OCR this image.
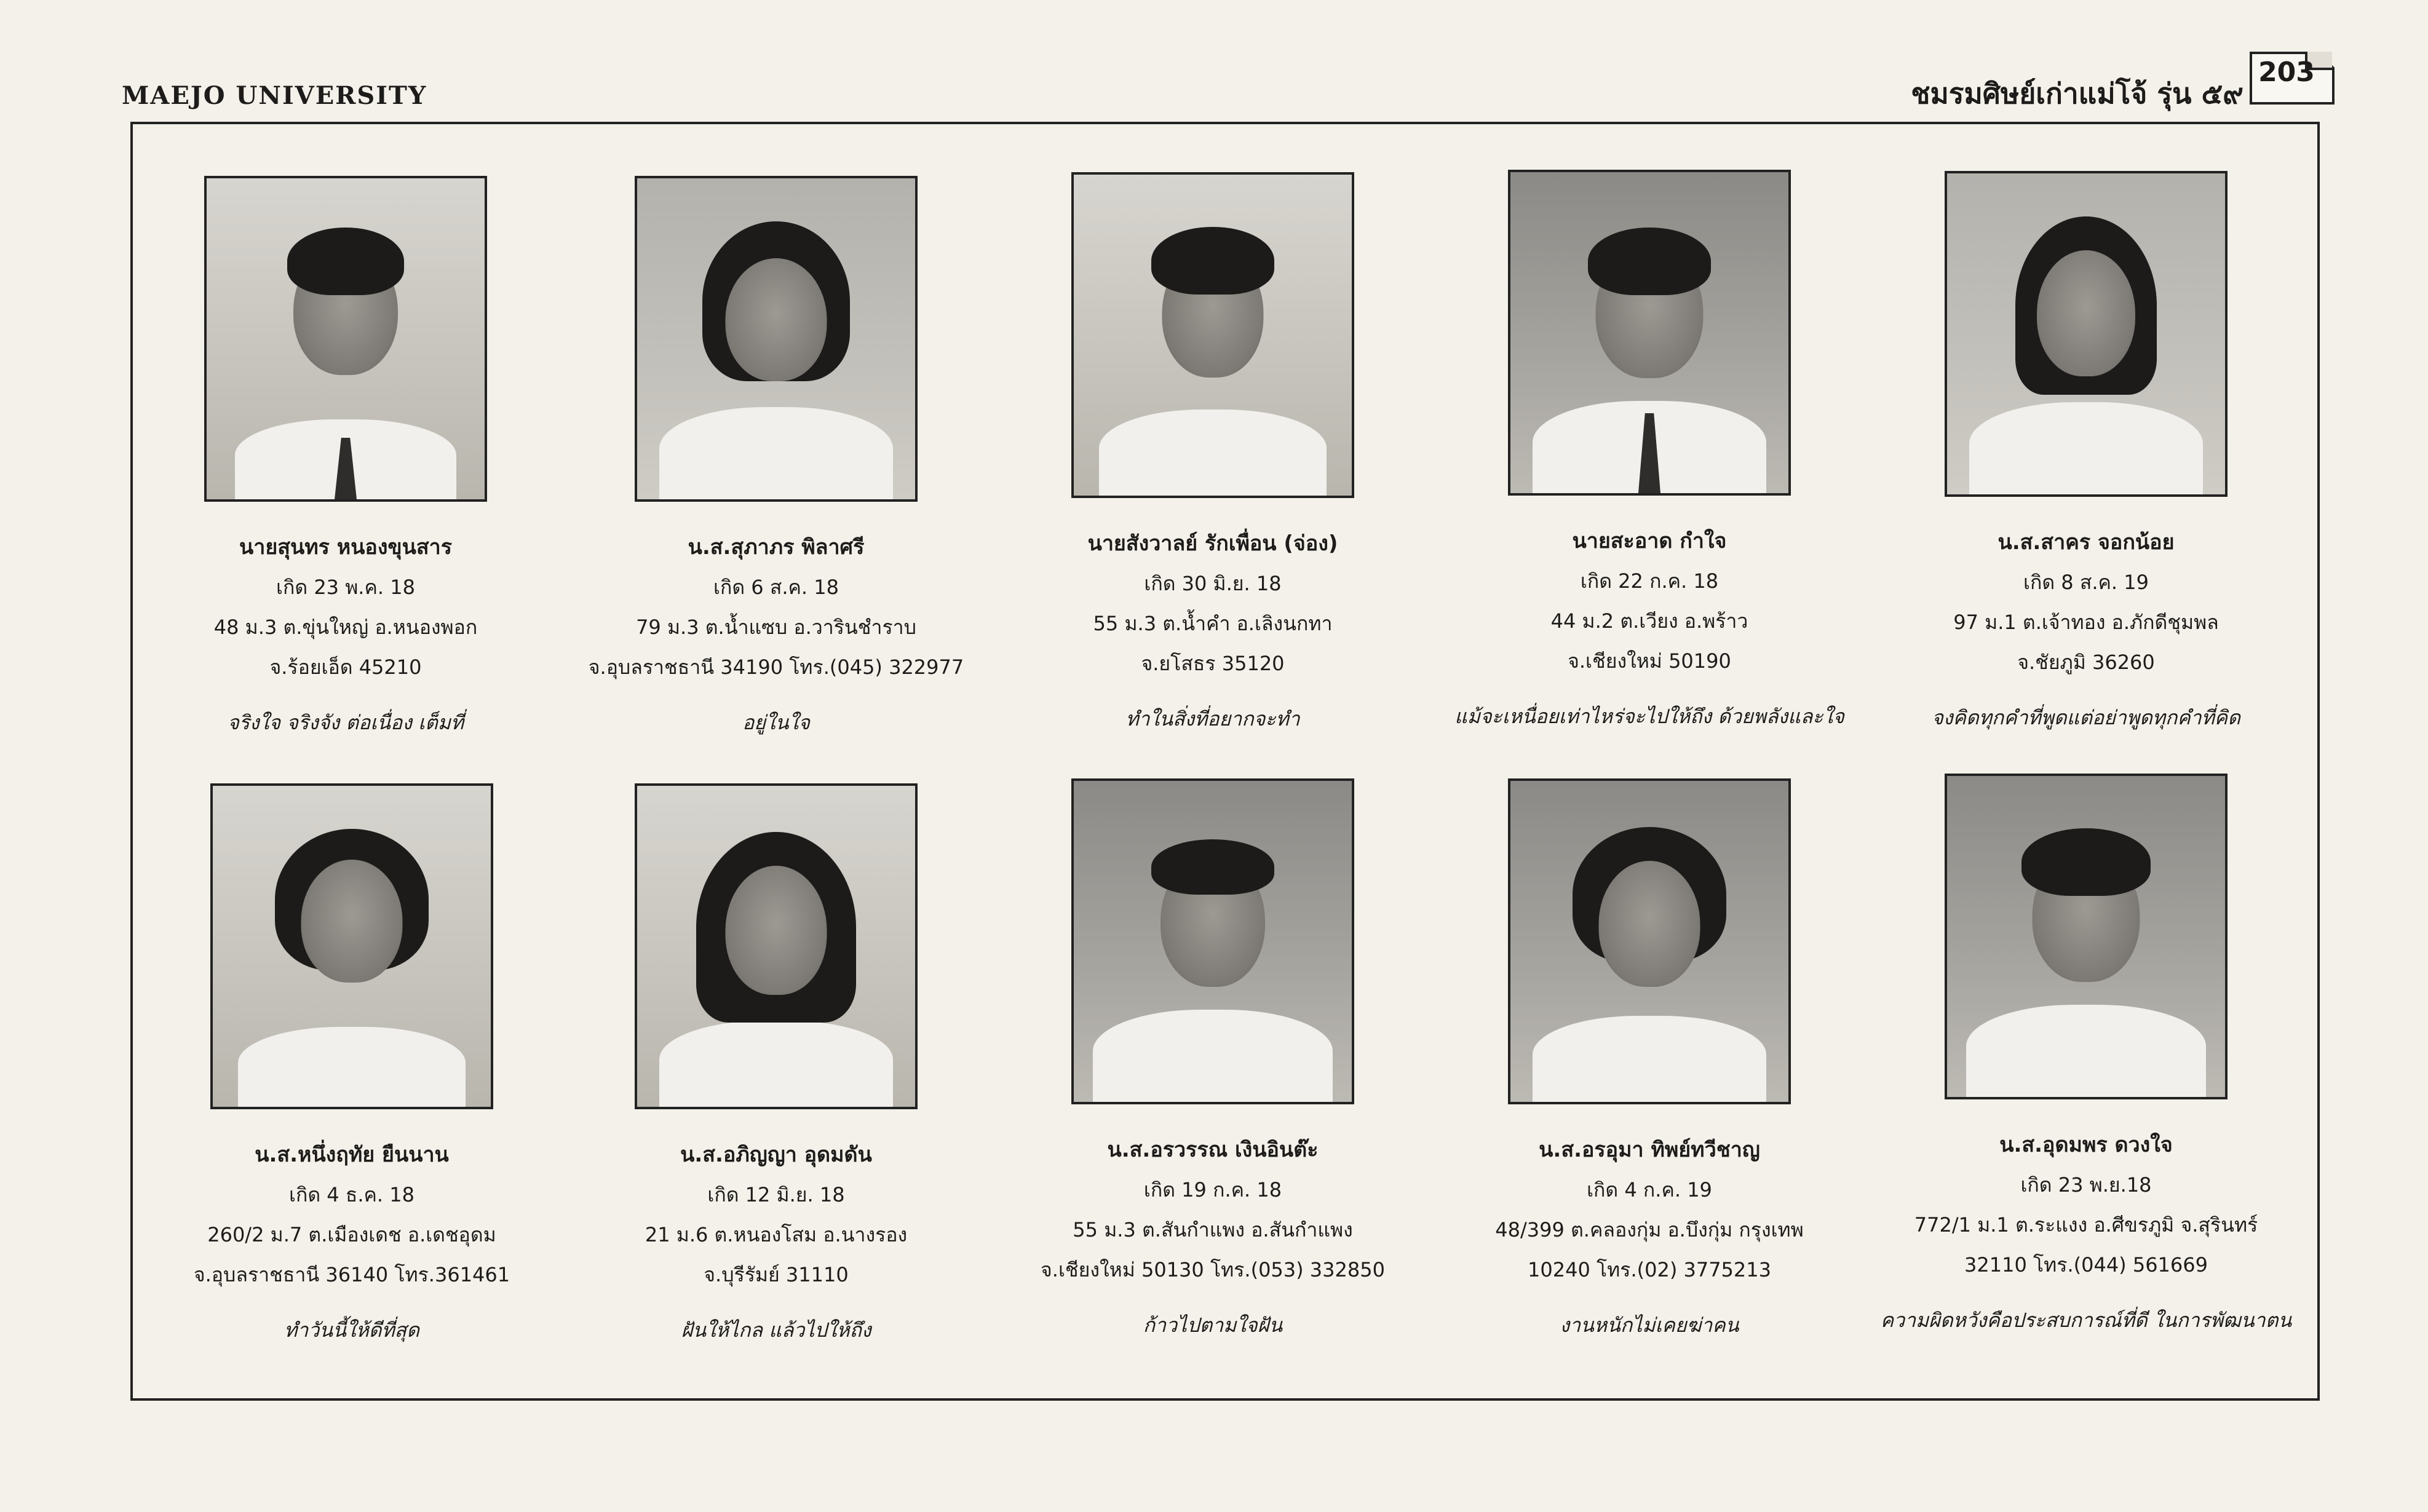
MAEJO UNIVERSITY	ชมรมศิษย์เก่าแม่โจ้ รุ่น ๕๙
203
นายสุนทร หนองขุนสาร
เกิด 23 พ.ค. 18
48 ม.3 ต.ขุ่นใหญ่ อ.หนองพอก
จ.ร้อยเอ็ด 45210
จริงใจ จริงจัง ต่อเนื่อง เต็มที่
น.ส.สุภาภร พิลาศรี
เกิด 6 ส.ค. 18
79 ม.3 ต.น้ำแซบ อ.วารินชำราบ
จ.อุบลราชธานี 34190 โทร.(045) 322977
อยู่ในใจ
นายสังวาลย์ รักเพื่อน (จ่อง)
เกิด 30 มิ.ย. 18
55 ม.3 ต.น้ำคำ อ.เลิงนกทา
จ.ยโสธร 35120
ทำในสิ่งที่อยากจะทำ
นายสะอาด กำใจ
เกิด 22 ก.ค. 18
44 ม.2 ต.เวียง อ.พร้าว
จ.เชียงใหม่ 50190
แม้จะเหนื่อยเท่าไหร่จะไปให้ถึง ด้วยพลังและใจ
น.ส.สาคร จอกน้อย
เกิด 8 ส.ค. 19
97 ม.1 ต.เจ้าทอง อ.ภักดีชุมพล
จ.ชัยภูมิ 36260
จงคิดทุกคำที่พูดแต่อย่าพูดทุกคำที่คิด
น.ส.หนึ่งฤทัย ยืนนาน
เกิด 4 ธ.ค. 18
260/2 ม.7 ต.เมืองเดช อ.เดชอุดม
จ.อุบลราชธานี 36140 โทร.361461
ทำวันนี้ให้ดีที่สุด
น.ส.อภิญญา อุดมดัน
เกิด 12 มิ.ย. 18
21 ม.6 ต.หนองโสม อ.นางรอง
จ.บุรีรัมย์ 31110
ฝันให้ไกล แล้วไปให้ถึง
น.ส.อรวรรณ เงินอินต๊ะ
เกิด 19 ก.ค. 18
55 ม.3 ต.สันกำแพง อ.สันกำแพง
จ.เชียงใหม่ 50130 โทร.(053) 332850
ก้าวไปตามใจฝัน
น.ส.อรอุมา ทิพย์ทวีชาญ
เกิด 4 ก.ค. 19
48/399 ต.คลองกุ่ม อ.บึงกุ่ม กรุงเทพ
10240 โทร.(02) 3775213
งานหนักไม่เคยฆ่าคน
น.ส.อุดมพร ดวงใจ
เกิด 23 พ.ย.18
772/1 ม.1 ต.ระแงง อ.ศีขรภูมิ จ.สุรินทร์
32110 โทร.(044) 561669
ความผิดหวังคือประสบการณ์ที่ดี ในการพัฒนาตน
